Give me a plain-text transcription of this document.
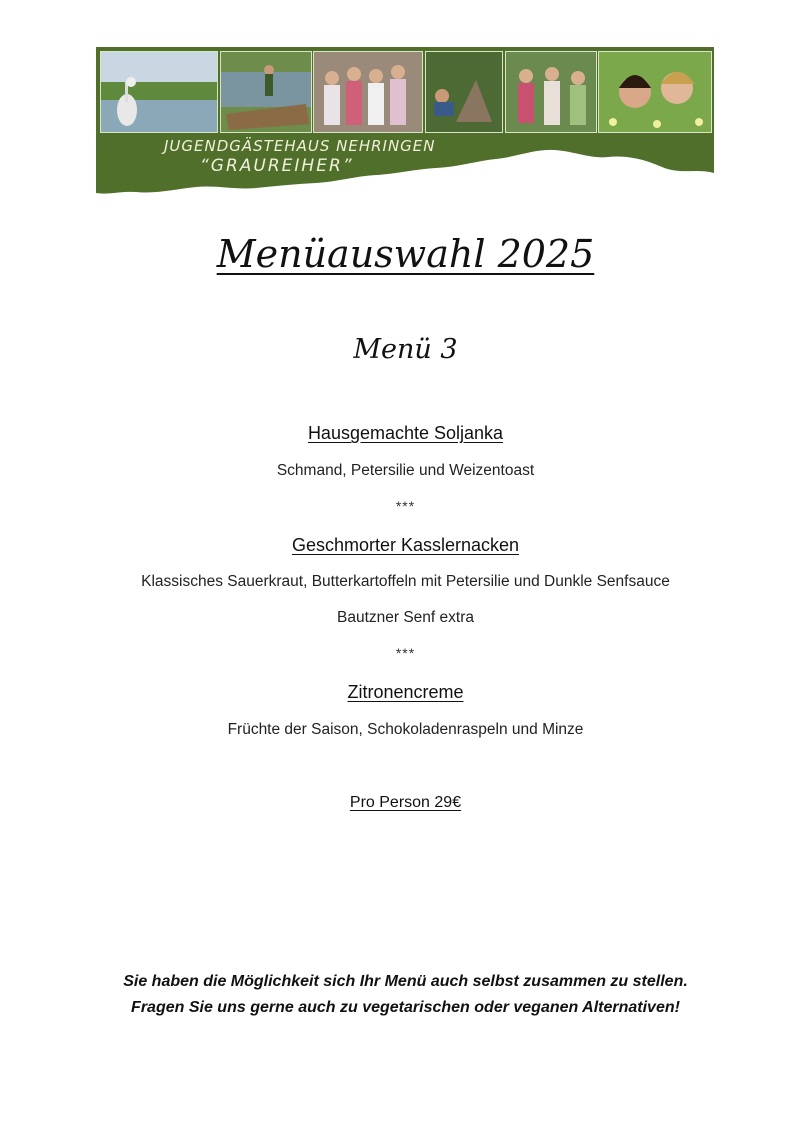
JUGENDGÄSTEHAUS NEHRINGEN
“GRAUREIHER”
Menüauswahl 2025
Menü 3
Hausgemachte Soljanka
Schmand, Petersilie und Weizentoast
***
Geschmorter Kasslernacken
Klassisches Sauerkraut, Butterkartoffeln mit Petersilie und Dunkle Senfsauce
Bautzner Senf extra
***
Zitronencreme
Früchte der Saison, Schokoladenraspeln und Minze
Pro Person 29€
Sie haben die Möglichkeit sich Ihr Menü auch selbst zusammen zu stellen.
Fragen Sie uns gerne auch zu vegetarischen oder veganen Alternativen!
